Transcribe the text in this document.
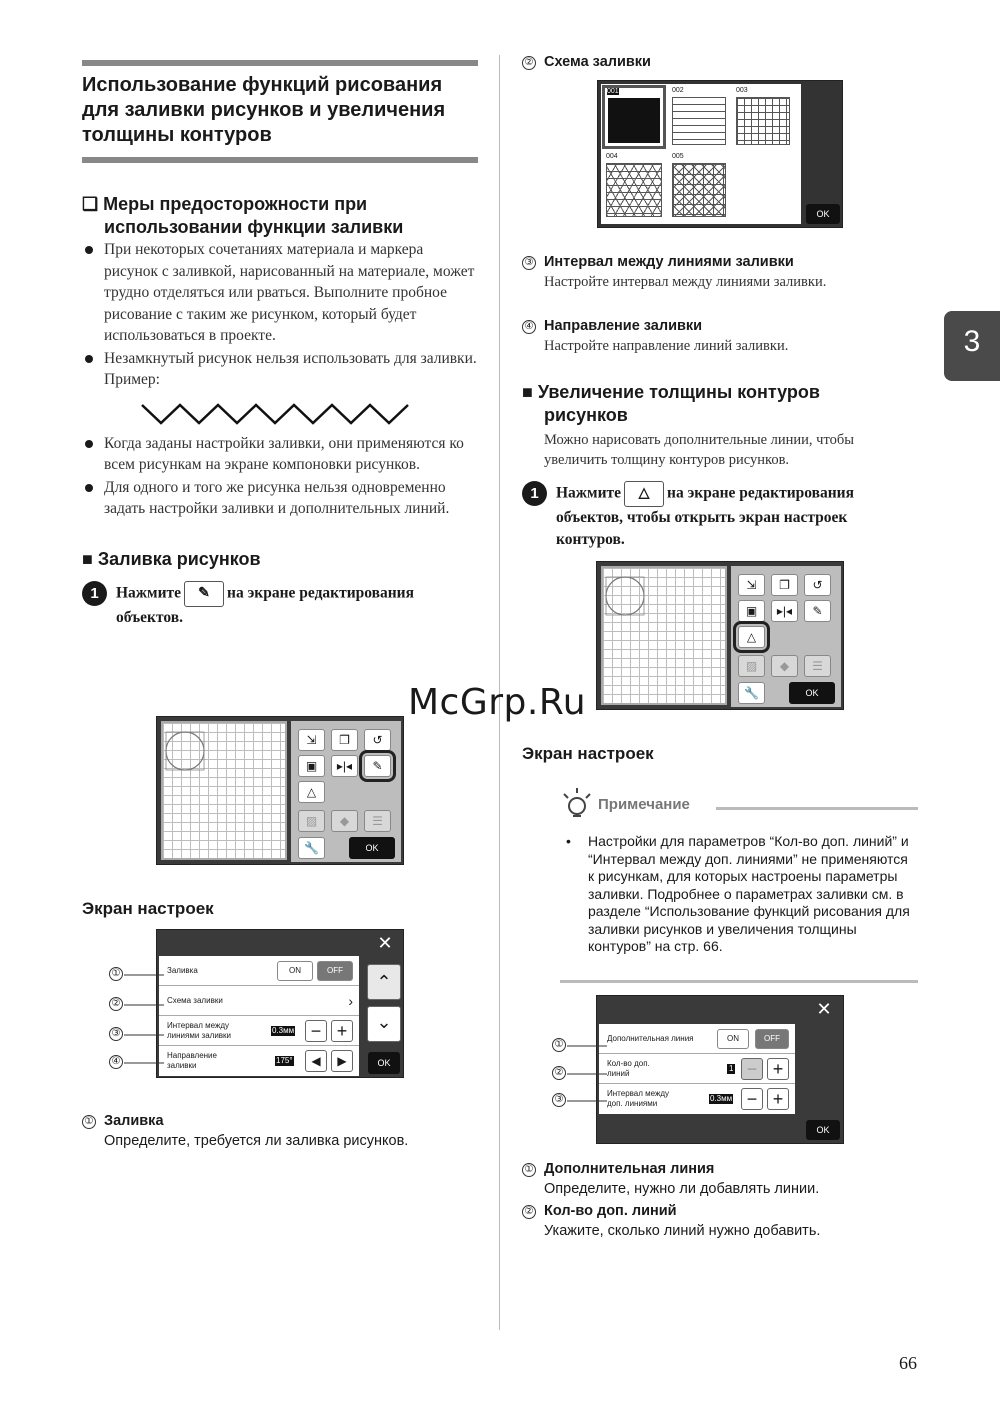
Использование функций рисования для заливки рисунков и увеличения толщины контуров
❑ Меры предосторожности при
использовании функции заливки
При некоторых сочетаниях материала и маркера рисунок с заливкой, нарисованный на материале, может трудно отделяться или рваться. Выполните пробное рисование с таким же рисунком, который будет использоваться в проекте.
Незамкнутый рисунок нельзя использовать для заливки.
Пример:
Когда заданы настройки заливки, они применяются ко всем рисункам на экране компоновки рисунков.
Для одного и того же рисунка нельзя одновременно задать настройки заливки и дополнительных линий.
■ Заливка рисунков
1	Нажмите ✎ на экране редактирования объектов.
⇲	❐	↺
▣	▸|◂	✎
△
▨	◆	☰
🔧	OK
Экран настроек
Заливка	ON	OFF
Схема заливки	›
Интервал между
линиями заливки
0.3мм − +
Направление
заливки
175°	◀	▶
✕
⌃
⌄
OK
①
②
③
④
① Заливка
Определите, требуется ли заливка рисунков.
② Схема заливки
001	002	003
004	005
OK
③ Интервал между линиями заливки
Настройте интервал между линиями заливки.
④ Направление заливки
Настройте направление линий заливки.
■ Увеличение толщины контуров
рисунков
Можно нарисовать дополнительные линии, чтобы увеличить толщину контуров рисунков.
1	Нажмите △ на экране редактирования
объектов, чтобы открыть экран настроек
контуров.
⇲	❐	↺
▣	▸|◂	✎
△
▨	◆	☰
🔧	OK
McGrp.Ru
Экран настроек
Примечание
• Настройки для параметров “Кол-во доп. линий” и “Интервал между доп. линиями” не применяются к рисункам, для которых настроены параметры заливки. Подробнее о параметрах заливки см. в разделе “Использование функций рисования для заливки рисунков и увеличения толщины контуров” на стр. 66.
Дополнительная линия	ON	OFF
Кол-во доп.
линий
1 − +
Интервал между
доп. линиями
0.3мм − +
✕
OK
①
②
③
① Дополнительная линия
Определите, нужно ли добавлять линии.
② Кол-во доп. линий
Укажите, сколько линий нужно добавить.
3
66
